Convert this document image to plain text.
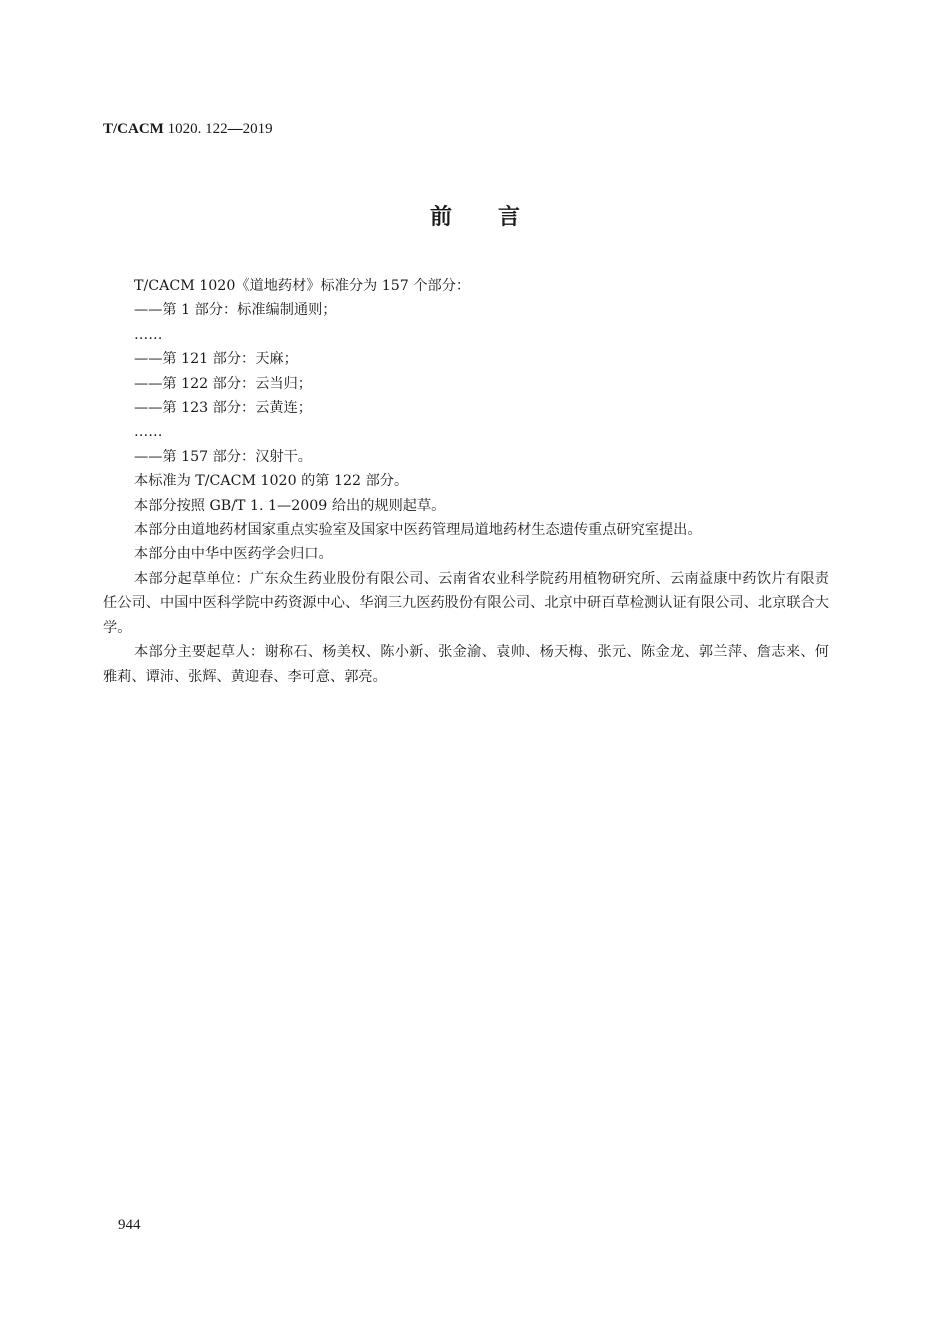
T/CACM 1020. 122—2019
前言

T/CACM 1020《道地药材》标准分为 157 个部分：

——第 1 部分：标准编制通则；

……

——第 121 部分：天麻；

——第 122 部分：云当归；

——第 123 部分：云黄连；

……

——第 157 部分：汉射干。

本标准为 T/CACM 1020 的第 122 部分。

本部分按照 GB/T 1. 1—2009 给出的规则起草。

本部分由道地药材国家重点实验室及国家中医药管理局道地药材生态遗传重点研究室提出。

本部分由中华中医药学会归口。

本部分起草单位：广东众生药业股份有限公司、云南省农业科学院药用植物研究所、云南益康中药饮片有限责任公司、中国中医科学院中药资源中心、华润三九医药股份有限公司、北京中研百草检测认证有限公司、北京联合大学。

本部分主要起草人：谢称石、杨美权、陈小新、张金渝、袁帅、杨天梅、张元、陈金龙、郭兰萍、詹志来、何雅莉、谭沛、张辉、黄迎春、李可意、郭亮。

944
